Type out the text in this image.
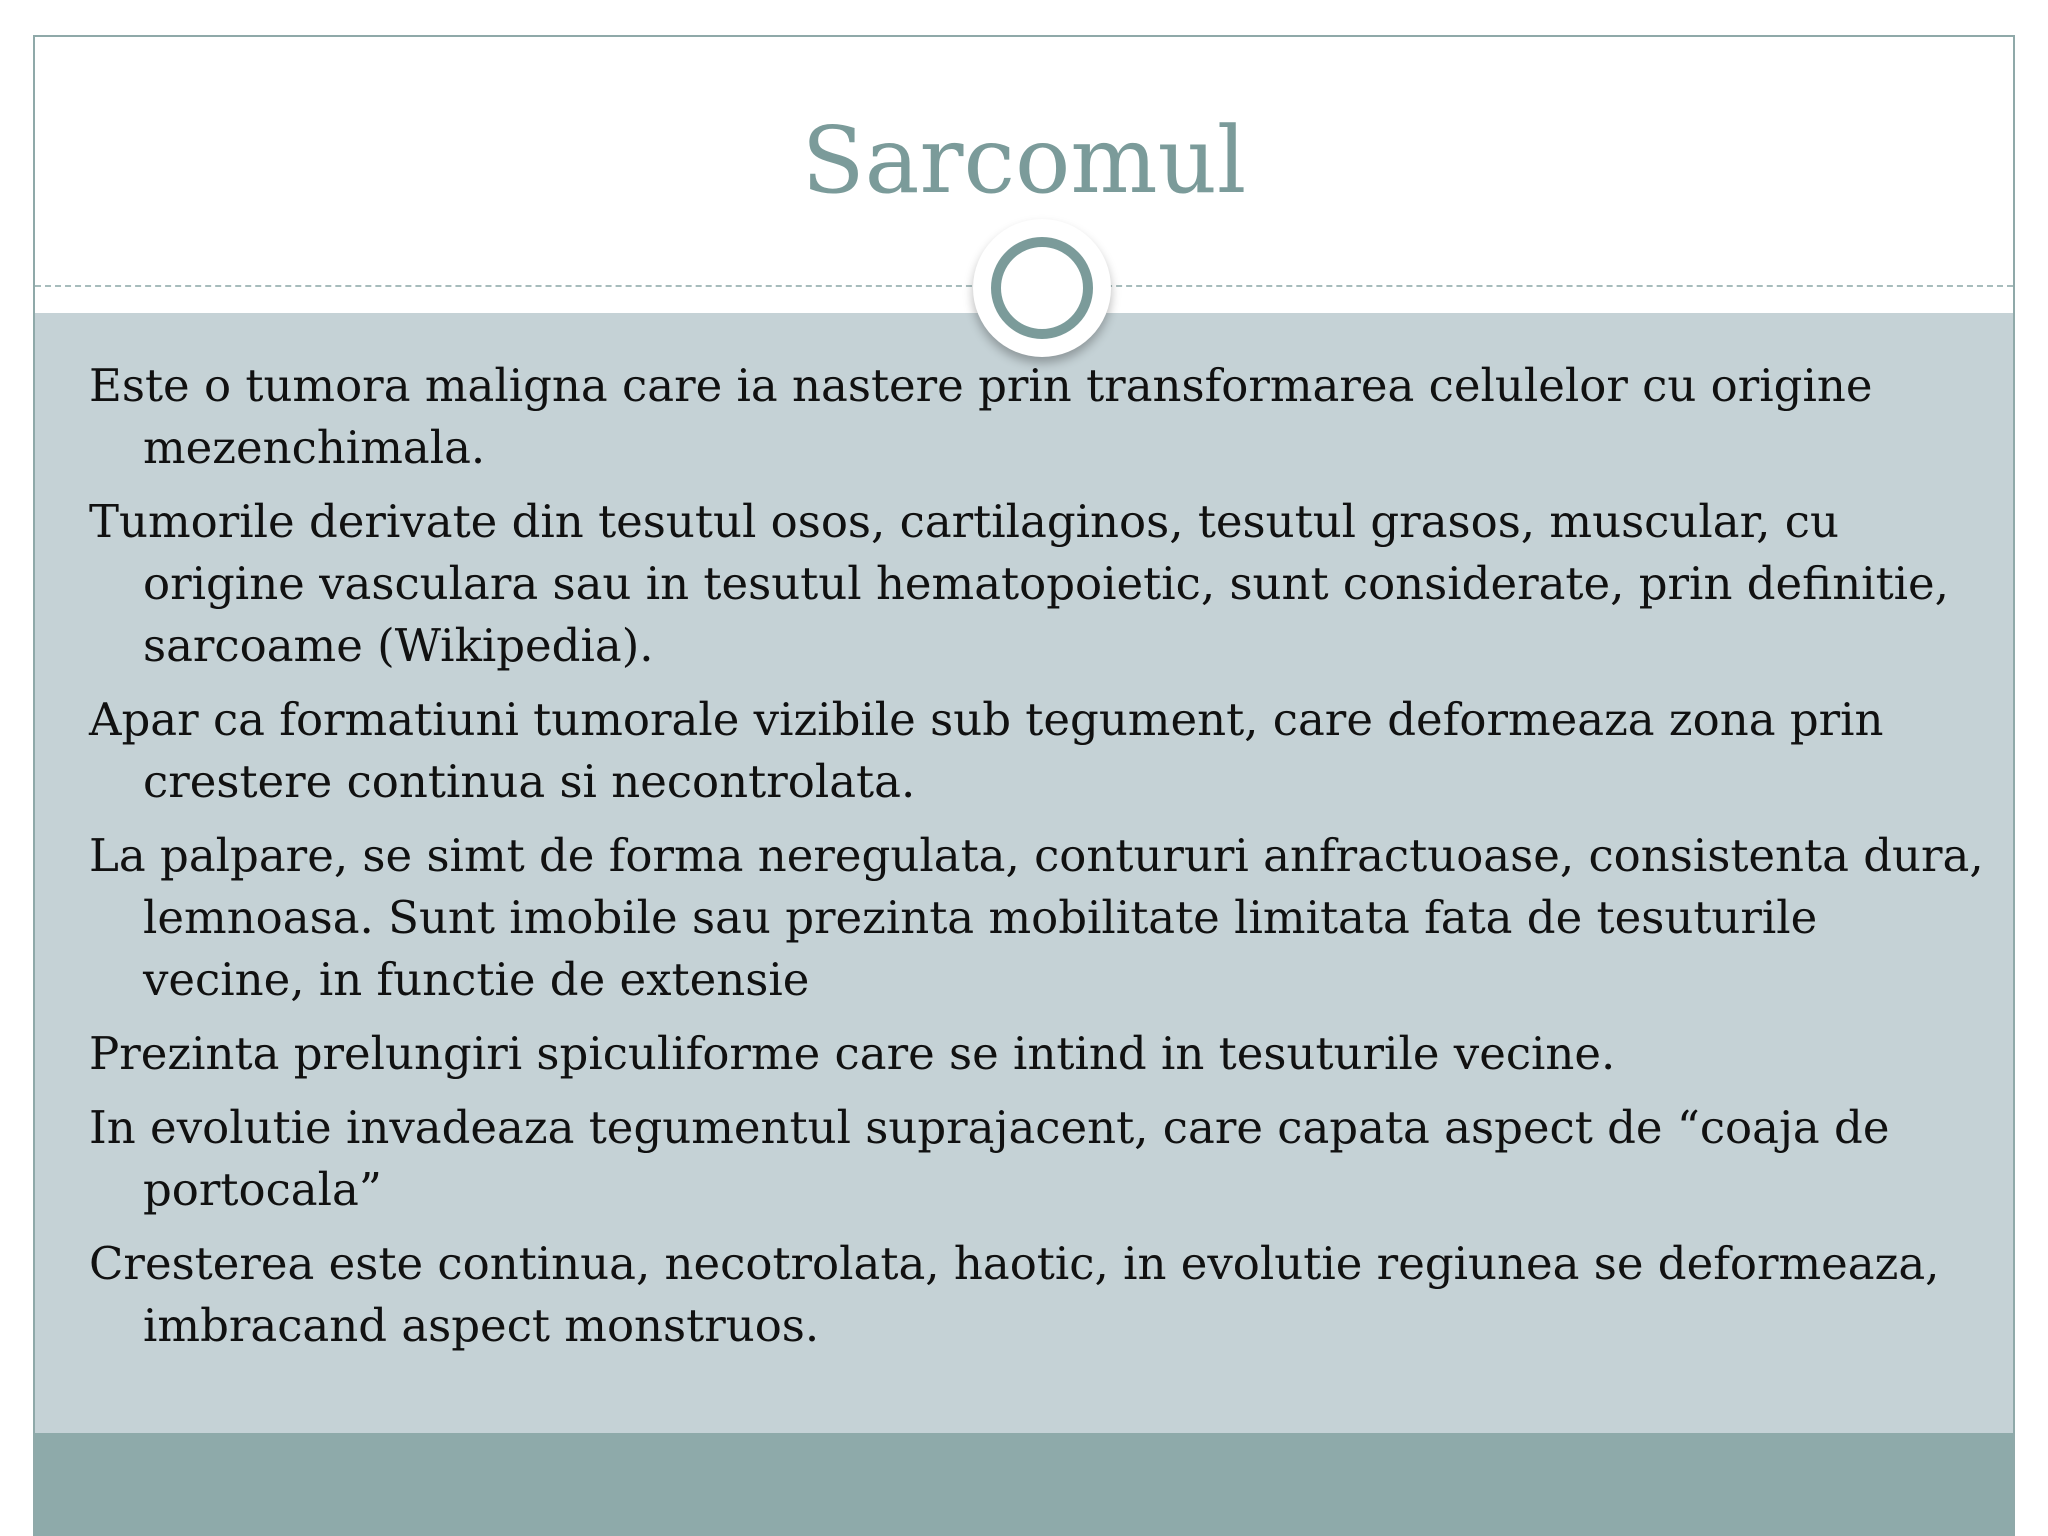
Sarcomul
Este o tumora maligna care ia nastere prin transformarea celulelor cu origine mezenchimala.
Tumorile derivate din tesutul osos, cartilaginos, tesutul grasos, muscular, cu origine vasculara sau in tesutul hematopoietic, sunt considerate, prin definitie, sarcoame (Wikipedia).
Apar ca formatiuni tumorale vizibile sub tegument, care deformeaza zona prin crestere continua si necontrolata.
La palpare, se simt de forma neregulata, contururi anfractuoase, consistenta dura, lemnoasa. Sunt imobile sau prezinta mobilitate limitata fata de tesuturile vecine, in functie de extensie
Prezinta prelungiri spiculiforme care se intind in tesuturile vecine.
In evolutie invadeaza tegumentul suprajacent, care capata aspect de “coaja de portocala”
Cresterea este continua, necotrolata, haotic, in evolutie regiunea se deformeaza, imbracand aspect monstruos.
